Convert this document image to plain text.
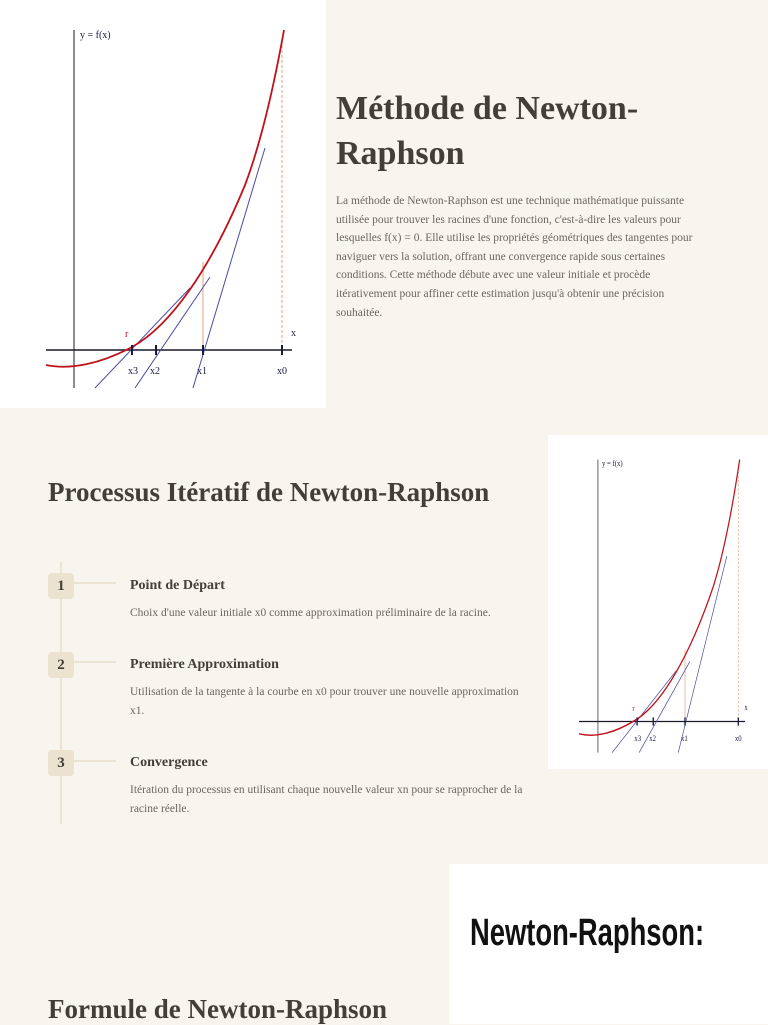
y = f(x)
x
r
x3 x2	x1	x0
Méthode de Newton-Raphson

La méthode de Newton-Raphson est une technique mathématique puissante utilisée pour trouver les racines d'une fonction, c'est-à-dire les valeurs pour lesquelles f(x) = 0. Elle utilise les propriétés géométriques des tangentes pour naviguer vers la solution, offrant une convergence rapide sous certaines conditions. Cette méthode débute avec une valeur initiale et procède itérativement pour affiner cette estimation jusqu'à obtenir une précision souhaitée.

Processus Itératif de Newton-Raphson
1	Point de Départ

Choix d'une valeur initiale x0 comme approximation préliminaire de la racine.

2	Première Approximation

Utilisation de la tangente à la courbe en x0 pour trouver une nouvelle approximation x1.

3	Convergence

Itération du processus en utilisant chaque nouvelle valeur xn pour se rapprocher de la racine réelle.

y = f(x)
x
r
x3 x2 x1	x0

Newton-Raphson:

Formule de Newton-Raphson
